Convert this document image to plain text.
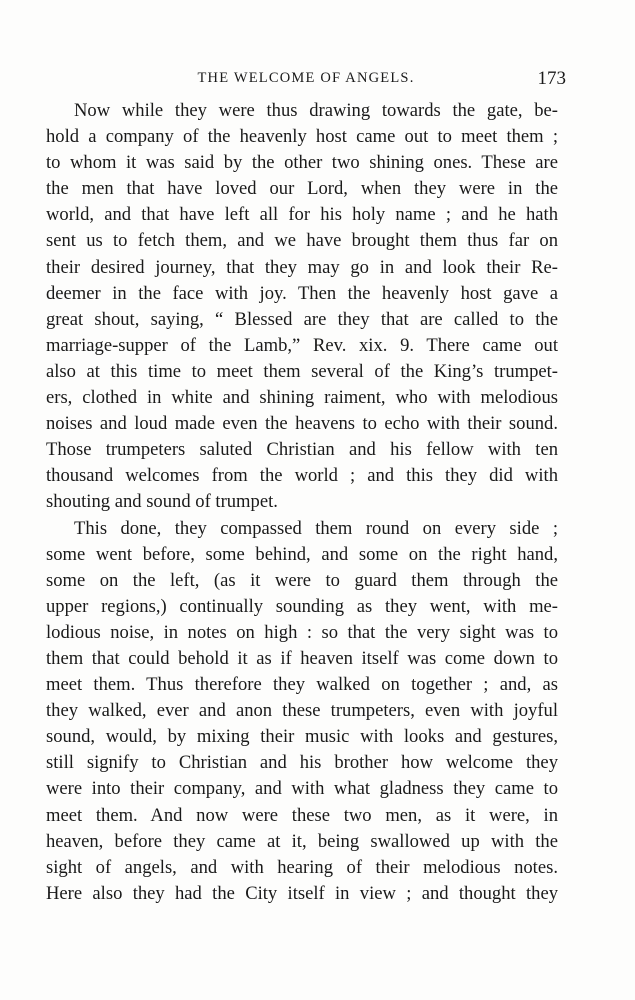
THE WELCOME OF ANGELS.	173
Now while they were thus drawing towards the gate, be-
hold a company of the heavenly host came out to meet them ;
to whom it was said by the other two shining ones. These are
the men that have loved our Lord, when they were in the
world, and that have left all for his holy name ; and he hath
sent us to fetch them, and we have brought them thus far on
their desired journey, that they may go in and look their Re-
deemer in the face with joy. Then the heavenly host gave a
great shout, saying, “ Blessed are they that are called to the
marriage-supper of the Lamb,” Rev. xix. 9. There came out
also at this time to meet them several of the King’s trumpet-
ers, clothed in white and shining raiment, who with melodious
noises and loud made even the heavens to echo with their sound.
Those trumpeters saluted Christian and his fellow with ten
thousand welcomes from the world ; and this they did with
shouting and sound of trumpet.
This done, they compassed them round on every side ;
some went before, some behind, and some on the right hand,
some on the left, (as it were to guard them through the
upper regions,) continually sounding as they went, with me-
lodious noise, in notes on high : so that the very sight was to
them that could behold it as if heaven itself was come down to
meet them. Thus therefore they walked on together ; and, as
they walked, ever and anon these trumpeters, even with joyful
sound, would, by mixing their music with looks and gestures,
still signify to Christian and his brother how welcome they
were into their company, and with what gladness they came to
meet them. And now were these two men, as it were, in
heaven, before they came at it, being swallowed up with the
sight of angels, and with hearing of their melodious notes.
Here also they had the City itself in view ; and thought they
